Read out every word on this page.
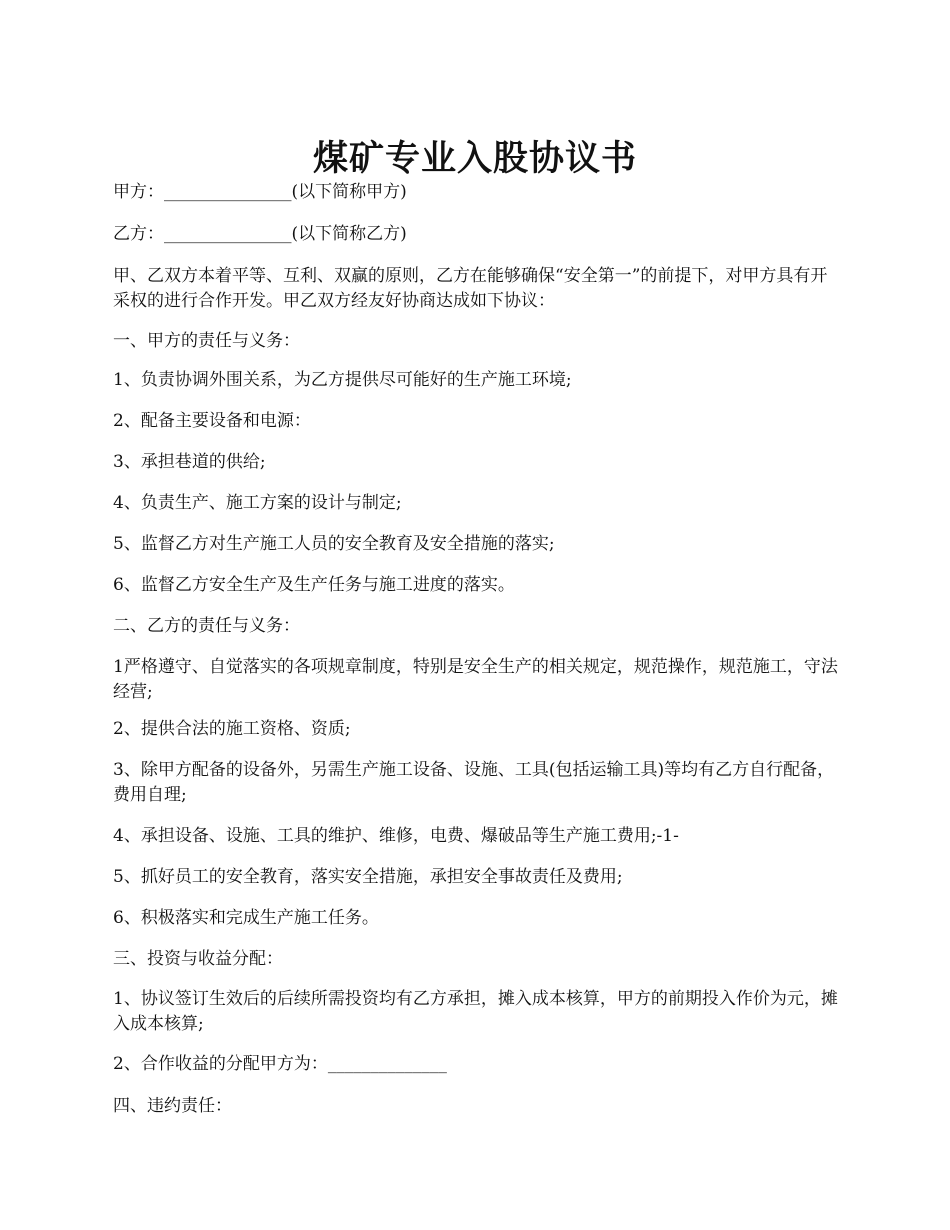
煤矿专业入股协议书

甲方：_______________(以下简称甲方)

乙方：_______________(以下简称乙方)

甲、乙双方本着平等、互利、双赢的原则，乙方在能够确保“安全第一”的前提下，对甲方具有开采权的进行合作开发。甲乙双方经友好协商达成如下协议：

一、甲方的责任与义务：

1、负责协调外围关系，为乙方提供尽可能好的生产施工环境;

2、配备主要设备和电源：

3、承担巷道的供给;

4、负责生产、施工方案的设计与制定;

5、监督乙方对生产施工人员的安全教育及安全措施的落实;

6、监督乙方安全生产及生产任务与施工进度的落实。

二、乙方的责任与义务：

1严格遵守、自觉落实的各项规章制度，特别是安全生产的相关规定，规范操作，规范施工，守法经营;

2、提供合法的施工资格、资质;

3、除甲方配备的设备外，另需生产施工设备、设施、工具(包括运输工具)等均有乙方自行配备，费用自理;

4、承担设备、设施、工具的维护、维修，电费、爆破品等生产施工费用;-1-

5、抓好员工的安全教育，落实安全措施，承担安全事故责任及费用;

6、积极落实和完成生产施工任务。

三、投资与收益分配：

1、协议签订生效后的后续所需投资均有乙方承担，摊入成本核算，甲方的前期投入作价为元，摊入成本核算;

2、合作收益的分配甲方为：______________

四、违约责任：
